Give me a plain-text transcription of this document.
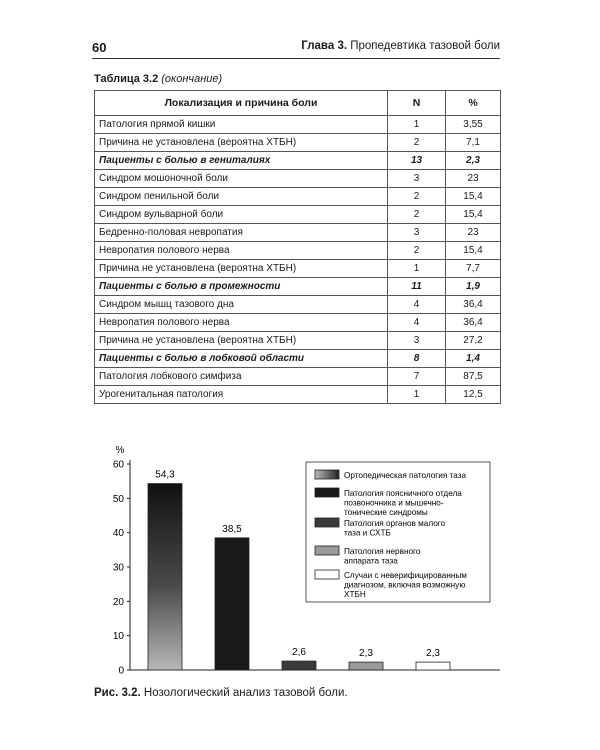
60	Глава 3. Пропедевтика тазовой боли
Таблица 3.2 (окончание)
Локализация и причина боли	N	%
Патология прямой кишки	1	3,55
Причина не установлена (вероятна ХТБН)	2	7,1
Пациенты с болью в гениталиях	13	2,3
Синдром мошоночной боли	3	23
Синдром пенильной боли	2	15,4
Синдром вульварной боли	2	15,4
Бедренно-половая невропатия	3	23
Невропатия полового нерва	2	15,4
Причина не установлена (вероятна ХТБН)	1	7,7
Пациенты с болью в промежности	11	1,9
Синдром мышц тазового дна	4	36,4
Невропатия полового нерва	4	36,4
Причина не установлена (вероятна ХТБН)	3	27,2
Пациенты с болью в лобковой области	8	1,4
Патология лобкового симфиза	7	87,5
Урогенитальная патология	1	12,5
%
0
10
20
30
40
50
60
54,3
38,5
2,6	2,3	2,3
Ортопедическая патология таза
Патология поясничного отдела
позвоночника и мышечно-
тонические синдромы
Патология органов малого
таза и СХТБ
Патология нервного
аппарата таза
Случаи с неверифицированным
диагнозом, включая возможную
ХТБН
Рис. 3.2. Нозологический анализ тазовой боли.
